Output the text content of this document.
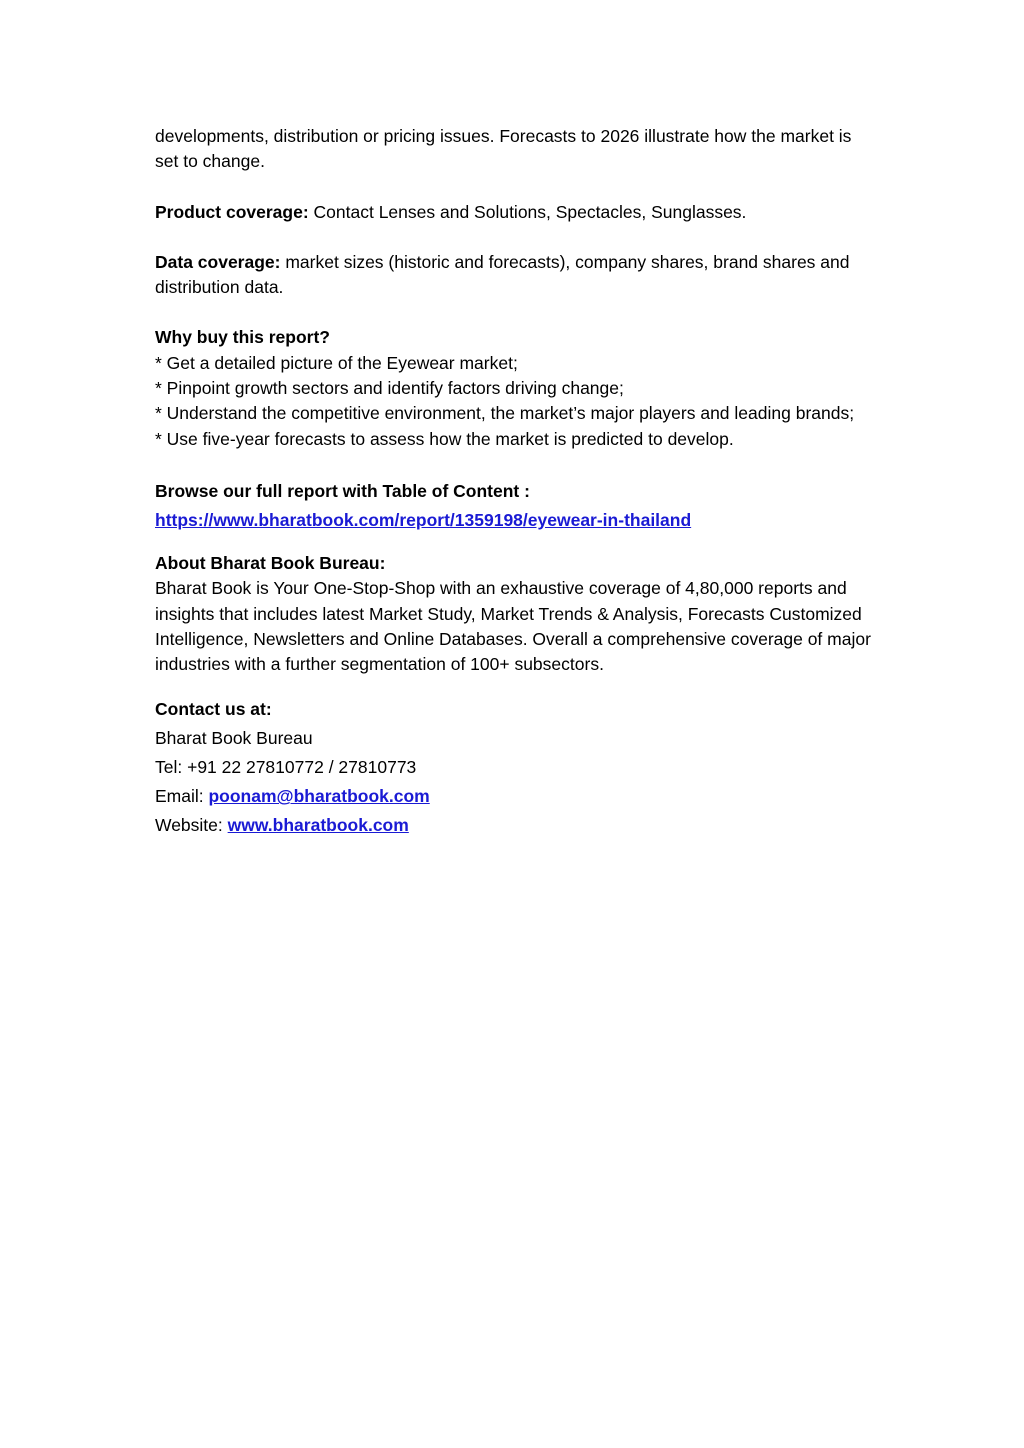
developments, distribution or pricing issues. Forecasts to 2026 illustrate how the market is set to change.

Product coverage: Contact Lenses and Solutions, Spectacles, Sunglasses.

Data coverage: market sizes (historic and forecasts), company shares, brand shares and distribution data.

Why buy this report?

* Get a detailed picture of the Eyewear market;

* Pinpoint growth sectors and identify factors driving change;

* Understand the competitive environment, the market’s major players and leading brands;

* Use five-year forecasts to assess how the market is predicted to develop.

Browse our full report with Table of Content :

https://www.bharatbook.com/report/1359198/eyewear-in-thailand

About Bharat Book Bureau:

Bharat Book is Your One-Stop-Shop with an exhaustive coverage of 4,80,000 reports and insights that includes latest Market Study, Market Trends & Analysis, Forecasts Customized Intelligence, Newsletters and Online Databases. Overall a comprehensive coverage of major industries with a further segmentation of 100+ subsectors.

Contact us at:

Bharat Book Bureau

Tel: +91 22 27810772 / 27810773

Email: poonam@bharatbook.com

Website: www.bharatbook.com
